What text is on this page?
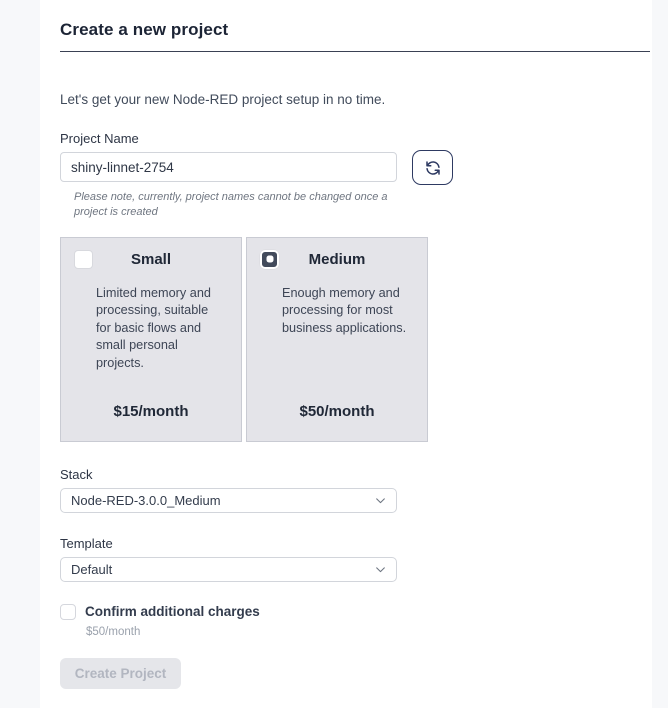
Create a new project

Let's get your new Node-RED project setup in no time.

Project Name
shiny-linnet-2754

Please note, currently, project names cannot be changed once a project is created

Small

Limited memory and processing, suitable for basic flows and small personal projects.

$15/month
Medium

Enough memory and processing for most business applications.

$50/month
Stack
Node-RED-3.0.0_Medium
Template
Default
Confirm additional charges
$50/month
Create Project
